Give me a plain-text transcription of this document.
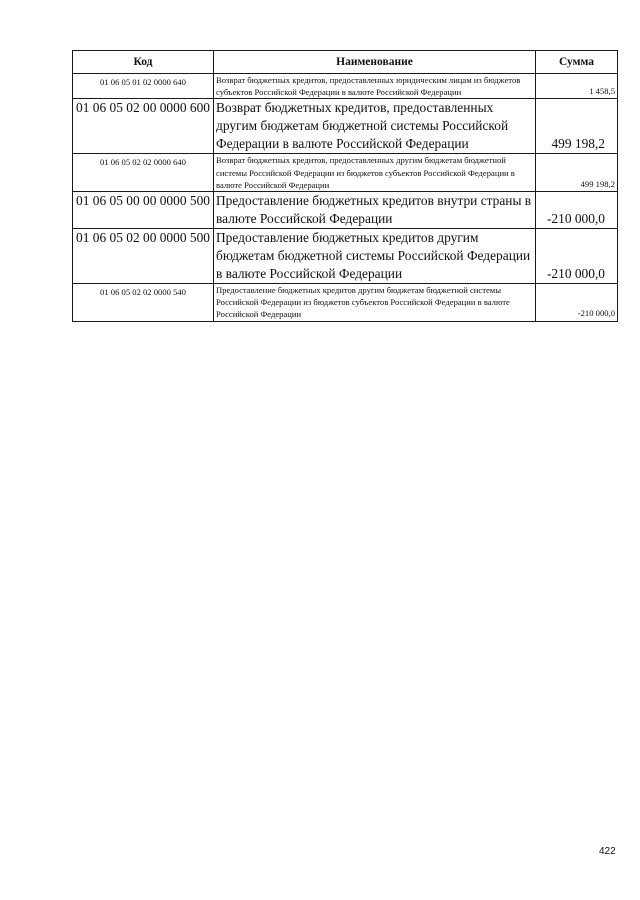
Код	Наименование	Сумма
01 06 05 01 02 0000 640	Возврат бюджетных кредитов, предоставленных юридическим лицам из бюджетов субъектов Российской Федерации в валюте Российской Федерации	1 458,5
01 06 05 02 00 0000 600	Возврат бюджетных кредитов, предоставленных другим бюджетам бюджетной системы Российской Федерации в валюте Российской Федерации	499 198,2
01 06 05 02 02 0000 640	Возврат бюджетных кредитов, предоставленных другим бюджетам бюджетной системы Российской Федерации из бюджетов субъектов Российской Федерации в валюте Российской Федерации	499 198,2
01 06 05 00 00 0000 500	Предоставление бюджетных кредитов внутри страны в валюте Российской Федерации	-210 000,0
01 06 05 02 00 0000 500	Предоставление бюджетных кредитов другим бюджетам бюджетной системы Российской Федерации в валюте Российской Федерации	-210 000,0
01 06 05 02 02 0000 540	Предоставление бюджетных кредитов другим бюджетам бюджетной системы Российской Федерации из бюджетов субъектов Российской Федерации в валюте Российской Федерации	-210 000,0
422
